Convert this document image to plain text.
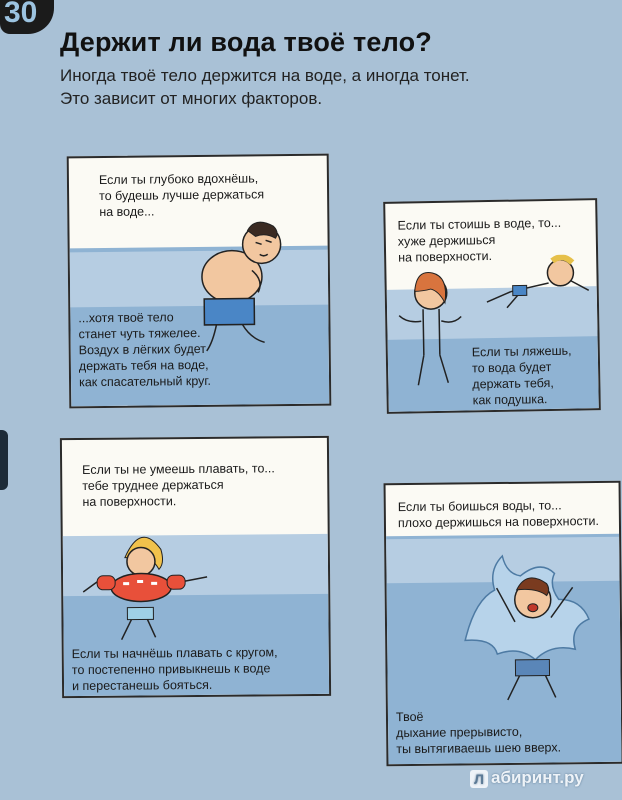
30
Держит ли вода твоё тело?
Иногда твоё тело держится на воде, а иногда тонет.
Это зависит от многих факторов.
Если ты глубоко вдохнёшь,
то будешь лучше держаться
на воде...
...хотя твоё тело
станет чуть тяжелее.
Воздух в лёгких будет
держать тебя на воде,
как спасательный круг.
Если ты стоишь в воде, то...
хуже держишься
на поверхности.
Если ты ляжешь,
то вода будет
держать тебя,
как подушка.
Если ты не умеешь плавать, то...
тебе труднее держаться
на поверхности.
Если ты начнёшь плавать с кругом,
то постепенно привыкнешь к воде
и перестанешь бояться.
Если ты боишься воды, то...
плохо держишься на поверхности.
Твоё
дыхание прерывисто,
ты вытягиваешь шею вверх.
Л абиринт.ру
